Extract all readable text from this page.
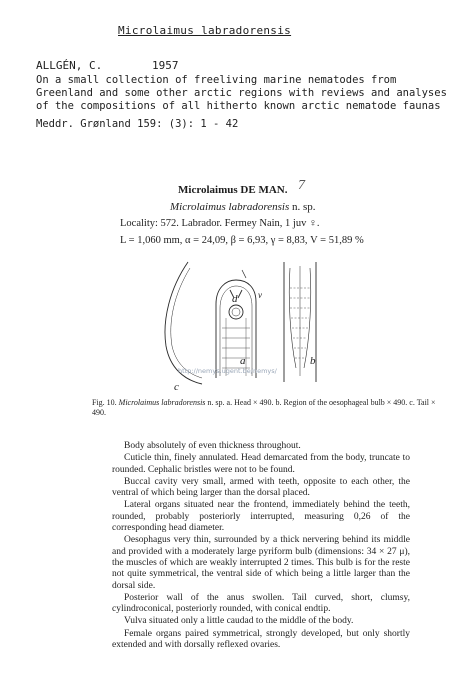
Microlaimus labradorensis
ALLGÉN, C.	1957
On a small collection of freeliving marine nematodes from Greenland and some other arctic regions with reviews and analyses of the compositions of all hitherto known arctic nematode faunas
Meddr. Grønland 159: (3): 1 - 42
Microlaimus DE MAN. 7
Microlaimus labradorensis n. sp.
Locality: 572. Labrador. Fermey Nain, 1 juv ♀.
L = 1,060 mm, α = 24,09, β = 6,93, γ = 8,83, V = 51,89 %
d v
a	b
c
http://nemys.ugent.be/nemys/
Fig. 10. Microlaimus labradorensis n. sp. a. Head × 490. b. Region of the oesophageal bulb × 490. c. Tail × 490.

Body absolutely of even thickness throughout.

Cuticle thin, finely annulated. Head demarcated from the body, truncate to rounded. Cephalic bristles were not to be found.

Buccal cavity very small, armed with teeth, opposite to each other, the ventral of which being larger than the dorsal placed.

Lateral organs situated near the frontend, immediately behind the teeth, rounded, probably posteriorly interrupted, measuring 0,26 of the corresponding head diameter.

Oesophagus very thin, surrounded by a thick nervering behind its middle and provided with a moderately large pyriform bulb (dimensions: 34 × 27 μ), the muscles of which are weakly interrupted 2 times. This bulb is for the reste not quite symmetrical, the ventral side of which being a little larger than the dorsal side.

Posterior wall of the anus swollen. Tail curved, short, clumsy, cylindroconical, posteriorly rounded, with conical endtip.

Vulva situated only a little caudad to the middle of the body.

Female organs paired symmetrical, strongly developed, but only shortly extended and with dorsally reflexed ovaries.
